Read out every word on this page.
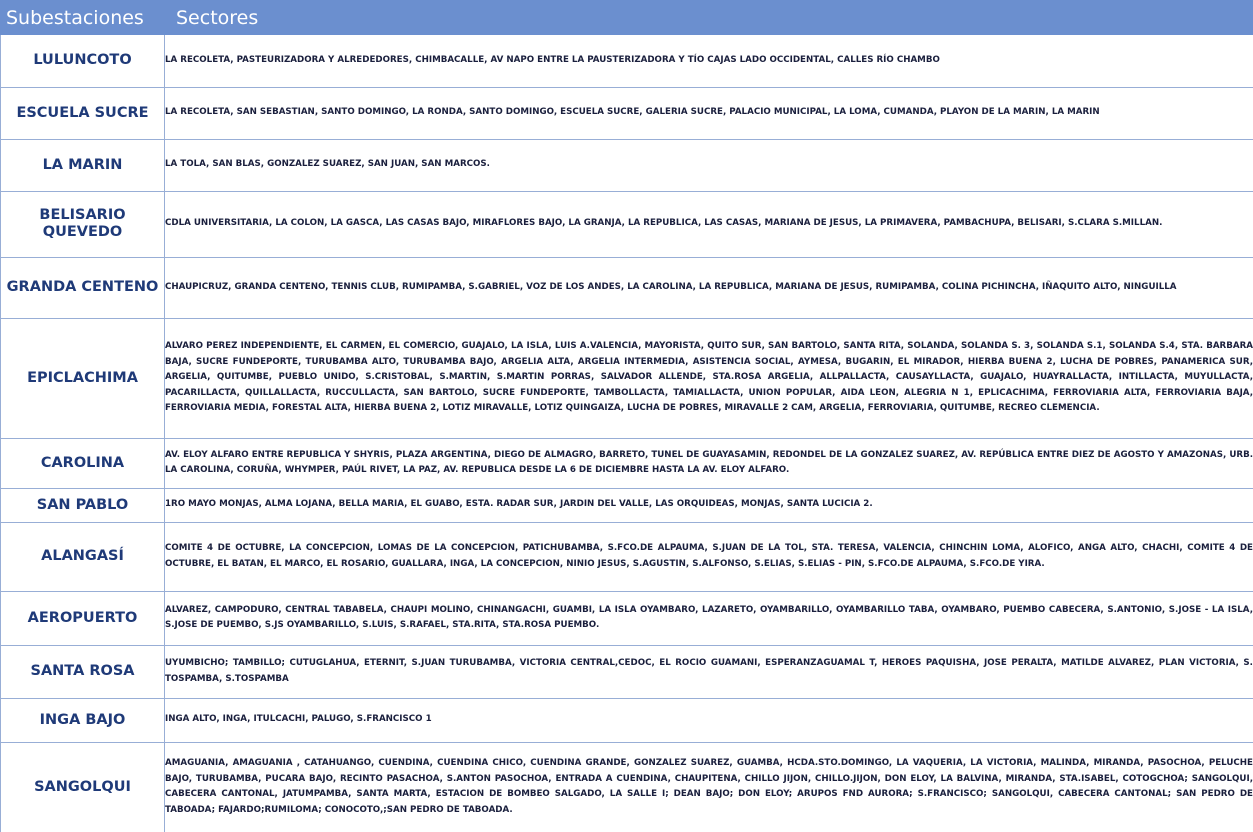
Subestaciones	Sectores
LULUNCOTO	LA RECOLETA, PASTEURIZADORA Y ALREDEDORES, CHIMBACALLE, AV NAPO ENTRE LA PAUSTERIZADORA Y TÍO CAJAS LADO OCCIDENTAL, CALLES RÍO CHAMBO
ESCUELA SUCRE	LA RECOLETA, SAN SEBASTIAN, SANTO DOMINGO, LA RONDA, SANTO DOMINGO, ESCUELA SUCRE, GALERIA SUCRE, PALACIO MUNICIPAL, LA LOMA, CUMANDA, PLAYON DE LA MARIN, LA MARIN
LA MARIN	LA TOLA, SAN BLAS, GONZALEZ SUAREZ, SAN JUAN, SAN MARCOS.
BELISARIO QUEVEDO	CDLA UNIVERSITARIA, LA COLON, LA GASCA, LAS CASAS BAJO, MIRAFLORES BAJO, LA GRANJA, LA REPUBLICA, LAS CASAS, MARIANA DE JESUS, LA PRIMAVERA, PAMBACHUPA, BELISARI, S.CLARA S.MILLAN.
GRANDA CENTENO	CHAUPICRUZ, GRANDA CENTENO, TENNIS CLUB, RUMIPAMBA, S.GABRIEL, VOZ DE LOS ANDES, LA CAROLINA, LA REPUBLICA, MARIANA DE JESUS, RUMIPAMBA, COLINA PICHINCHA, IÑAQUITO ALTO, NINGUILLA
EPICLACHIMA	ALVARO PEREZ INDEPENDIENTE, EL CARMEN, EL COMERCIO, GUAJALO, LA ISLA, LUIS A.VALENCIA, MAYORISTA, QUITO SUR, SAN BARTOLO, SANTA RITA, SOLANDA, SOLANDA S. 3, SOLANDA S.1, SOLANDA S.4, STA. BARBARA BAJA, SUCRE FUNDEPORTE, TURUBAMBA ALTO, TURUBAMBA BAJO, ARGELIA ALTA, ARGELIA INTERMEDIA, ASISTENCIA SOCIAL, AYMESA, BUGARIN, EL MIRADOR, HIERBA BUENA 2, LUCHA DE POBRES, PANAMERICA SUR, ARGELIA, QUITUMBE, PUEBLO UNIDO, S.CRISTOBAL, S.MARTIN, S.MARTIN PORRAS, SALVADOR ALLENDE, STA.ROSA ARGELIA, ALLPALLACTA, CAUSAYLLACTA, GUAJALO, HUAYRALLACTA, INTILLACTA, MUYULLACTA, PACARILLACTA, QUILLALLACTA, RUCCULLACTA, SAN BARTOLO, SUCRE FUNDEPORTE, TAMBOLLACTA, TAMIALLACTA, UNION POPULAR, AIDA LEON, ALEGRIA N 1, EPLICACHIMA, FERROVIARIA ALTA, FERROVIARIA BAJA, FERROVIARIA MEDIA, FORESTAL ALTA, HIERBA BUENA 2, LOTIZ MIRAVALLE, LOTIZ QUINGAIZA, LUCHA DE POBRES, MIRAVALLE 2 CAM, ARGELIA, FERROVIARIA, QUITUMBE, RECREO CLEMENCIA.
CAROLINA	AV. ELOY ALFARO ENTRE REPUBLICA Y SHYRIS, PLAZA ARGENTINA, DIEGO DE ALMAGRO, BARRETO, TUNEL DE GUAYASAMIN, REDONDEL DE LA GONZALEZ SUAREZ, AV. REPÚBLICA ENTRE DIEZ DE AGOSTO Y AMAZONAS, URB. LA CAROLINA, CORUÑA, WHYMPER, PAÚL RIVET, LA PAZ, AV. REPUBLICA DESDE LA 6 DE DICIEMBRE HASTA LA AV. ELOY ALFARO.
SAN PABLO	1RO MAYO MONJAS, ALMA LOJANA, BELLA MARIA, EL GUABO, ESTA. RADAR SUR, JARDIN DEL VALLE, LAS ORQUIDEAS, MONJAS, SANTA LUCICIA 2.
ALANGASÍ	COMITE 4 DE OCTUBRE, LA CONCEPCION, LOMAS DE LA CONCEPCION, PATICHUBAMBA, S.FCO.DE ALPAUMA, S.JUAN DE LA TOL, STA. TERESA, VALENCIA, CHINCHIN LOMA, ALOFICO, ANGA ALTO, CHACHI, COMITE 4 DE OCTUBRE, EL BATAN, EL MARCO, EL ROSARIO, GUALLARA, INGA, LA CONCEPCION, NINIO JESUS, S.AGUSTIN, S.ALFONSO, S.ELIAS, S.ELIAS - PIN, S.FCO.DE ALPAUMA, S.FCO.DE YIRA.
AEROPUERTO	ALVAREZ, CAMPODURO, CENTRAL TABABELA, CHAUPI MOLINO, CHINANGACHI, GUAMBI, LA ISLA OYAMBARO, LAZARETO, OYAMBARILLO, OYAMBARILLO TABA, OYAMBARO, PUEMBO CABECERA, S.ANTONIO, S.JOSE - LA ISLA, S.JOSE DE PUEMBO, S.JS OYAMBARILLO, S.LUIS, S.RAFAEL, STA.RITA, STA.ROSA PUEMBO.
SANTA ROSA	UYUMBICHO; TAMBILLO; CUTUGLAHUA, ETERNIT, S.JUAN TURUBAMBA, VICTORIA CENTRAL,CEDOC, EL ROCIO GUAMANI, ESPERANZAGUAMAL T, HEROES PAQUISHA, JOSE PERALTA, MATILDE ALVAREZ, PLAN VICTORIA, S. TOSPAMBA, S.TOSPAMBA
INGA BAJO	INGA ALTO, INGA, ITULCACHI, PALUGO, S.FRANCISCO 1
SANGOLQUI	AMAGUANIA, AMAGUANIA , CATAHUANGO, CUENDINA, CUENDINA CHICO, CUENDINA GRANDE, GONZALEZ SUAREZ, GUAMBA, HCDA.STO.DOMINGO, LA VAQUERIA, LA VICTORIA, MALINDA, MIRANDA, PASOCHOA, PELUCHE BAJO, TURUBAMBA, PUCARA BAJO, RECINTO PASACHOA, S.ANTON PASOCHOA, ENTRADA A CUENDINA, CHAUPITENA, CHILLO JIJON, CHILLO.JIJON, DON ELOY, LA BALVINA, MIRANDA, STA.ISABEL, COTOGCHOA; SANGOLQUI, CABECERA CANTONAL, JATUMPAMBA, SANTA MARTA, ESTACION DE BOMBEO SALGADO, LA SALLE I; DEAN BAJO; DON ELOY; ARUPOS FND AURORA; S.FRANCISCO; SANGOLQUI, CABECERA CANTONAL; SAN PEDRO DE TABOADA; FAJARDO;RUMILOMA; CONOCOTO,;SAN PEDRO DE TABOADA.
